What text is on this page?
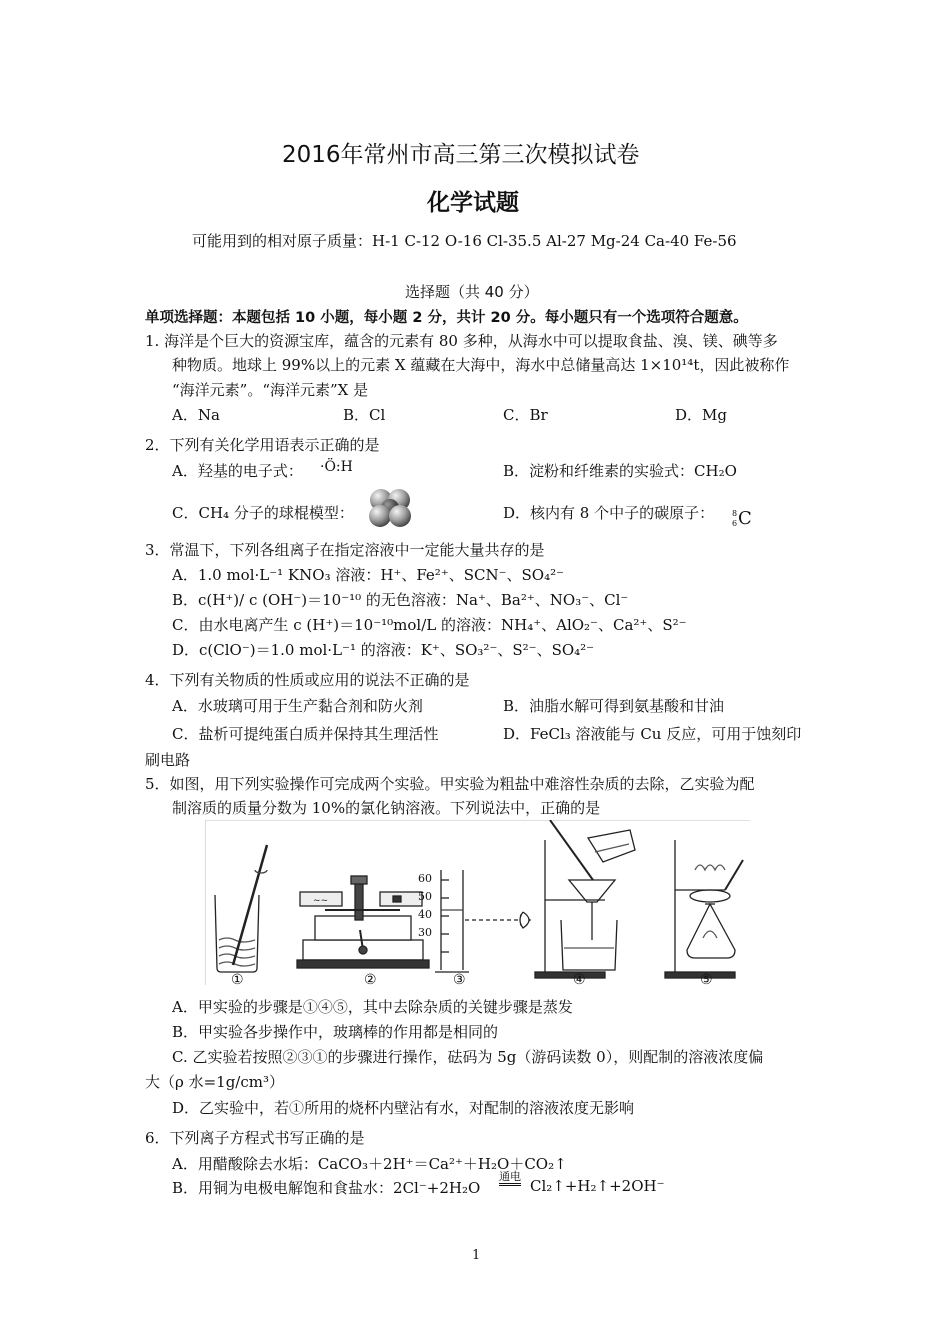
2016年常州市高三第三次模拟试卷
化学试题
可能用到的相对原子质量：H-1 C-12 O-16 Cl-35.5 Al-27 Mg-24 Ca-40 Fe-56
选择题（共 40 分）
单项选择题：本题包括 10 小题，每小题 2 分，共计 20 分。每小题只有一个选项符合题意。
1. 海洋是个巨大的资源宝库，蕴含的元素有 80 多种，从海水中可以提取食盐、溴、镁、碘等多
种物质。地球上 99%以上的元素 X 蕴藏在大海中，海水中总储量高达 1×10¹⁴t，因此被称作
“海洋元素”。“海洋元素”X 是
A．Na	B．Cl	C．Br	D．Mg
2．下列有关化学用语表示正确的是
A．羟基的电子式： ·Ö:H	B．淀粉和纤维素的实验式：CH₂O
C．CH₄ 分子的球棍模型：	D．核内有 8 个中子的碳原子： 8
6 C
3．常温下，下列各组离子在指定溶液中一定能大量共存的是
A．1.0 mol·L⁻¹ KNO₃ 溶液：H⁺、Fe²⁺、SCN⁻、SO₄²⁻
B．c(H⁺)/ c (OH⁻)＝10⁻¹⁰ 的无色溶液：Na⁺、Ba²⁺、NO₃⁻、Cl⁻
C．由水电离产生 c (H⁺)＝10⁻¹⁰mol/L 的溶液：NH₄⁺、AlO₂⁻、Ca²⁺、S²⁻
D．c(ClO⁻)＝1.0 mol·L⁻¹ 的溶液：K⁺、SO₃²⁻、S²⁻、SO₄²⁻
4．下列有关物质的性质或应用的说法不正确的是
A．水玻璃可用于生产黏合剂和防火剂	B．油脂水解可得到氨基酸和甘油
C．盐析可提纯蛋白质并保持其生理活性	D．FeCl₃ 溶液能与 Cu 反应，可用于蚀刻印
刷电路
5．如图，用下列实验操作可完成两个实验。甲实验为粗盐中难溶性杂质的去除，乙实验为配
制溶质的质量分数为 10%的氯化钠溶液。下列说法中，正确的是
~~
①	②	③	④	⑤
60
50
40
30
A．甲实验的步骤是①④⑤，其中去除杂质的关键步骤是蒸发
B．甲实验各步操作中，玻璃棒的作用都是相同的
C. 乙实验若按照②③①的步骤进行操作，砝码为 5g（游码读数 0），则配制的溶液浓度偏
大（ρ 水=1g/cm³）
D．乙实验中，若①所用的烧杯内壁沾有水，对配制的溶液浓度无影响
6．下列离子方程式书写正确的是
A．用醋酸除去水垢：CaCO₃＋2H⁺＝Ca²⁺＋H₂O＋CO₂↑
B．用铜为电极电解饱和食盐水：2Cl⁻+2H₂O
通电
Cl₂↑+H₂↑+2OH⁻
1
